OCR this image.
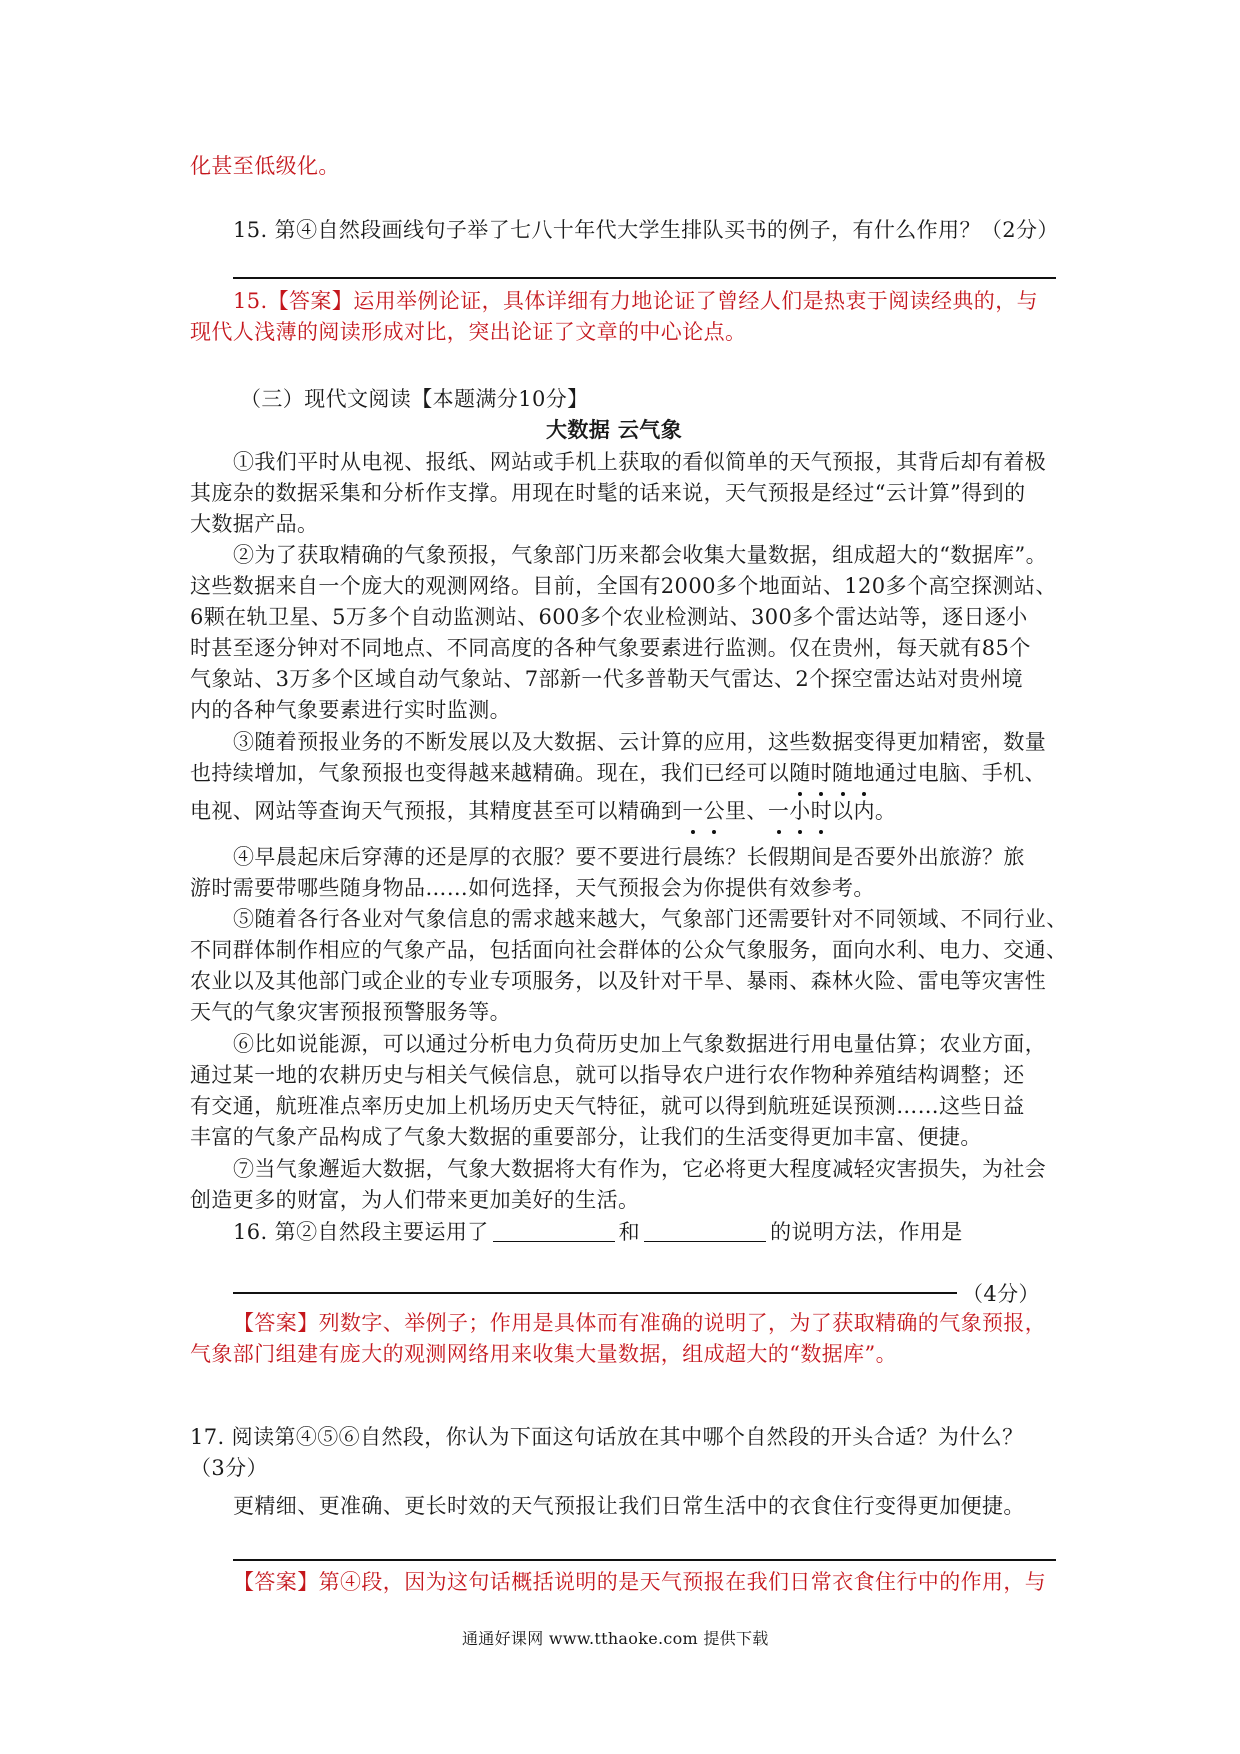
化甚至低级化。
15. 第④自然段画线句子举了七八十年代大学生排队买书的例子，有什么作用？（2分）
15.【答案】运用举例论证，具体详细有力地论证了曾经人们是热衷于阅读经典的，与
现代人浅薄的阅读形成对比，突出论证了文章的中心论点。
（三）现代文阅读【本题满分10分】
大数据 云气象
①我们平时从电视、报纸、网站或手机上获取的看似简单的天气预报，其背后却有着极
其庞杂的数据采集和分析作支撑。用现在时髦的话来说，天气预报是经过“云计算”得到的
大数据产品。
②为了获取精确的气象预报，气象部门历来都会收集大量数据，组成超大的“数据库”。
这些数据来自一个庞大的观测网络。目前，全国有2000多个地面站、120多个高空探测站、
6颗在轨卫星、5万多个自动监测站、600多个农业检测站、300多个雷达站等，逐日逐小
时甚至逐分钟对不同地点、不同高度的各种气象要素进行监测。仅在贵州，每天就有85个
气象站、3万多个区域自动气象站、7部新一代多普勒天气雷达、2个探空雷达站对贵州境
内的各种气象要素进行实时监测。
③随着预报业务的不断发展以及大数据、云计算的应用，这些数据变得更加精密，数量
也持续增加，气象预报也变得越来越精确。现在，我们已经可以随时随地通过电脑、手机、
电视、网站等查询天气预报，其精度甚至可以精确到一公里、一小时以内。
④早晨起床后穿薄的还是厚的衣服？要不要进行晨练？长假期间是否要外出旅游？旅
游时需要带哪些随身物品……如何选择，天气预报会为你提供有效参考。
⑤随着各行各业对气象信息的需求越来越大，气象部门还需要针对不同领域、不同行业、
不同群体制作相应的气象产品，包括面向社会群体的公众气象服务，面向水利、电力、交通、
农业以及其他部门或企业的专业专项服务，以及针对干旱、暴雨、森林火险、雷电等灾害性
天气的气象灾害预报预警服务等。
⑥比如说能源，可以通过分析电力负荷历史加上气象数据进行用电量估算；农业方面，
通过某一地的农耕历史与相关气候信息，就可以指导农户进行农作物种养殖结构调整；还
有交通，航班准点率历史加上机场历史天气特征，就可以得到航班延误预测……这些日益
丰富的气象产品构成了气象大数据的重要部分，让我们的生活变得更加丰富、便捷。
⑦当气象邂逅大数据，气象大数据将大有作为，它必将更大程度减轻灾害损失，为社会
创造更多的财富，为人们带来更加美好的生活。
16. 第②自然段主要运用了	和	的说明方法，作用是
（4分）
【答案】列数字、举例子；作用是具体而有准确的说明了，为了获取精确的气象预报，
气象部门组建有庞大的观测网络用来收集大量数据，组成超大的“数据库”。
17. 阅读第④⑤⑥自然段，你认为下面这句话放在其中哪个自然段的开头合适？为什么？
（3分）
更精细、更准确、更长时效的天气预报让我们日常生活中的衣食住行变得更加便捷。
【答案】第④段，因为这句话概括说明的是天气预报在我们日常衣食住行中的作用，与
通通好课网 www.tthaoke.com 提供下载
